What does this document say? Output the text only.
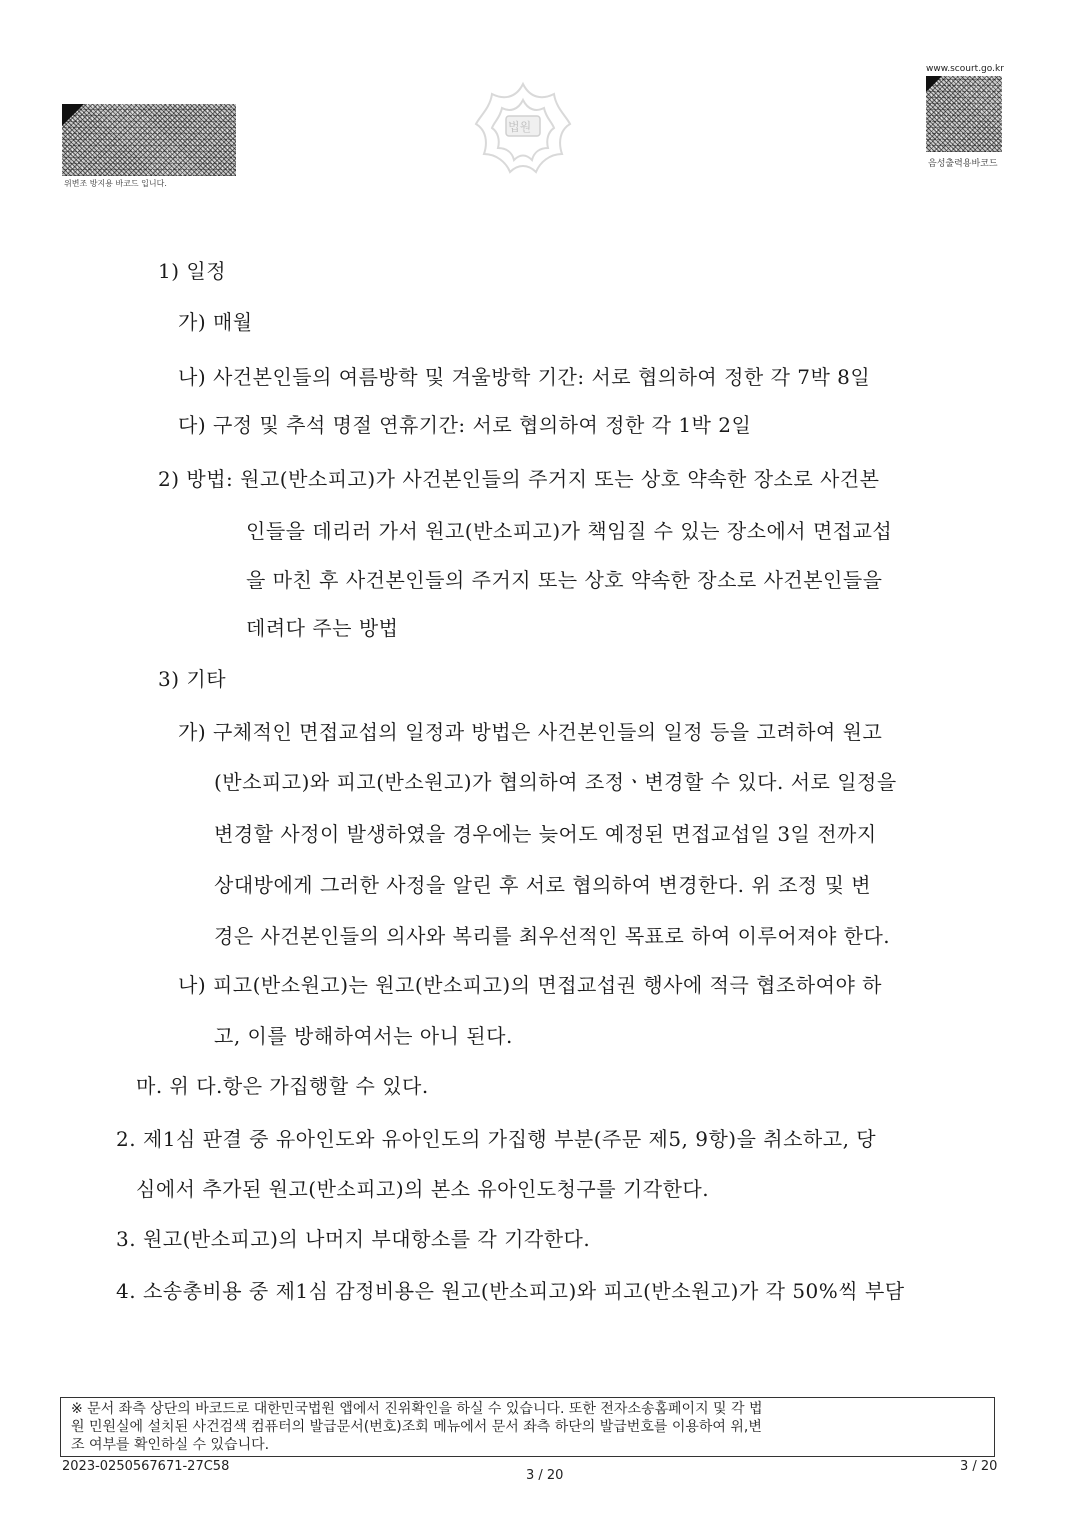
위변조 방지용 바코드 입니다.
법원
www.scourt.go.kr
음성출력용바코드
1) 일정
가) 매월
나) 사건본인들의 여름방학 및 겨울방학 기간: 서로 협의하여 정한 각 7박 8일
다) 구정 및 추석 명절 연휴기간: 서로 협의하여 정한 각 1박 2일
2) 방법: 원고(반소피고)가 사건본인들의 주거지 또는 상호 약속한 장소로 사건본
인들을 데리러 가서 원고(반소피고)가 책임질 수 있는 장소에서 면접교섭
을 마친 후 사건본인들의 주거지 또는 상호 약속한 장소로 사건본인들을
데려다 주는 방법
3) 기타
가) 구체적인 면접교섭의 일정과 방법은 사건본인들의 일정 등을 고려하여 원고
(반소피고)와 피고(반소원고)가 협의하여 조정ㆍ변경할 수 있다. 서로 일정을
변경할 사정이 발생하였을 경우에는 늦어도 예정된 면접교섭일 3일 전까지
상대방에게 그러한 사정을 알린 후 서로 협의하여 변경한다. 위 조정 및 변
경은 사건본인들의 의사와 복리를 최우선적인 목표로 하여 이루어져야 한다.
나) 피고(반소원고)는 원고(반소피고)의 면접교섭권 행사에 적극 협조하여야 하
고, 이를 방해하여서는 아니 된다.
마. 위 다.항은 가집행할 수 있다.
2. 제1심 판결 중 유아인도와 유아인도의 가집행 부분(주문 제5, 9항)을 취소하고, 당
심에서 추가된 원고(반소피고)의 본소 유아인도청구를 기각한다.
3. 원고(반소피고)의 나머지 부대항소를 각 기각한다.
4. 소송총비용 중 제1심 감정비용은 원고(반소피고)와 피고(반소원고)가 각 50%씩 부담
※ 문서 좌측 상단의 바코드로 대한민국법원 앱에서 진위확인을 하실 수 있습니다. 또한 전자소송홈페이지 및 각 법
원 민원실에 설치된 사건검색 컴퓨터의 발급문서(번호)조회 메뉴에서 문서 좌측 하단의 발급번호를 이용하여 위,변
조 여부를 확인하실 수 있습니다.
2023-0250567671-27C58
3 / 20
3 / 20
